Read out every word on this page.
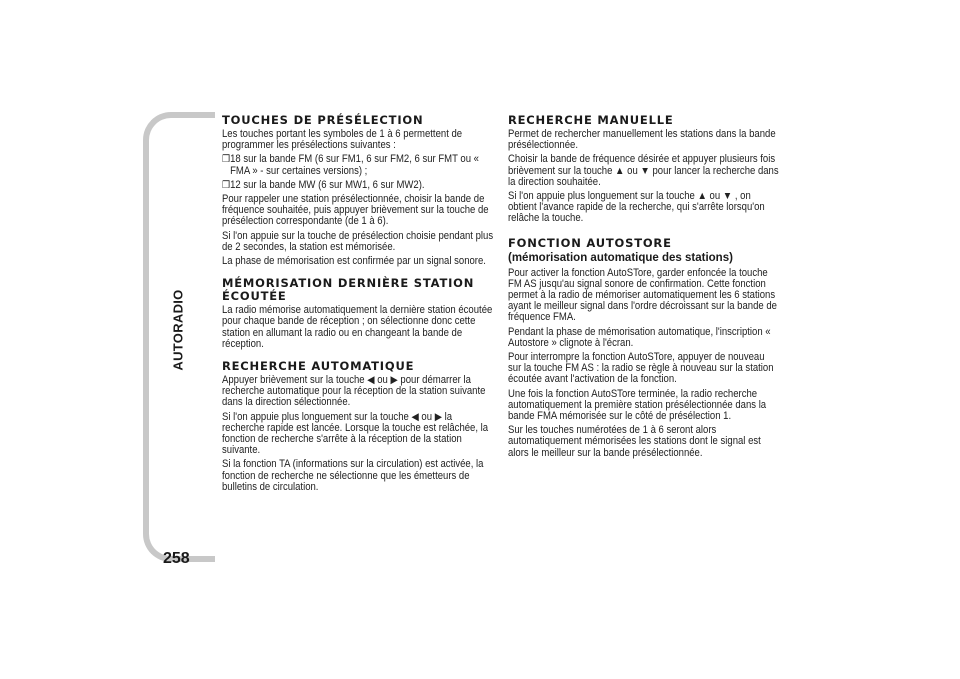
AUTORADIO
258
TOUCHES DE PRÉSÉLECTION

Les touches portant les symboles de 1 à 6 permettent de programmer les présélections suivantes :

❒ 18 sur la bande FM (6 sur FM1, 6 sur FM2, 6 sur FMT ou « FMA » - sur certaines versions) ;

❒ 12 sur la bande MW (6 sur MW1, 6 sur MW2).

Pour rappeler une station présélectionnée, choisir la bande de fréquence souhaitée, puis appuyer brièvement sur la touche de présélection correspondante (de 1 à 6).

Si l'on appuie sur la touche de présélection choisie pendant plus de 2 secondes, la station est mémorisée.

La phase de mémorisation est confirmée par un signal sonore.

MÉMORISATION DERNIÈRE STATION ÉCOUTÉE

La radio mémorise automatiquement la dernière station écoutée pour chaque bande de réception ; on sélectionne donc cette station en allumant la radio ou en changeant la bande de réception.

RECHERCHE AUTOMATIQUE

Appuyer brièvement sur la touche ◀ ou ▶ pour démarrer la recherche automatique pour la réception de la station suivante dans la direction sélectionnée.

Si l'on appuie plus longuement sur la touche ◀ ou ▶ la recherche rapide est lancée. Lorsque la touche est relâchée, la fonction de recherche s'arrête à la réception de la station suivante.

Si la fonction TA (informations sur la circulation) est activée, la fonction de recherche ne sélectionne que les émetteurs de bulletins de circulation.

RECHERCHE MANUELLE

Permet de rechercher manuellement les stations dans la bande présélectionnée.

Choisir la bande de fréquence désirée et appuyer plusieurs fois brièvement sur la touche ▲ ou ▼ pour lancer la recherche dans la direction souhaitée.

Si l'on appuie plus longuement sur la touche ▲ ou ▼ , on obtient l'avance rapide de la recherche, qui s'arrête lorsqu'on relâche la touche.

FONCTION AUTOSTORE
(mémorisation automatique des stations)

Pour activer la fonction AutoSTore, garder enfoncée la touche FM AS jusqu'au signal sonore de confirmation. Cette fonction permet à la radio de mémoriser automatiquement les 6 stations ayant le meilleur signal dans l'ordre décroissant sur la bande de fréquence FMA.

Pendant la phase de mémorisation automatique, l'inscription « Autostore » clignote à l'écran.

Pour interrompre la fonction AutoSTore, appuyer de nouveau sur la touche FM AS : la radio se règle à nouveau sur la station écoutée avant l'activation de la fonction.

Une fois la fonction AutoSTore terminée, la radio recherche automatiquement la première station présélectionnée dans la bande FMA mémorisée sur le côté de présélection 1.

Sur les touches numérotées de 1 à 6 seront alors automatiquement mémorisées les stations dont le signal est alors le meilleur sur la bande présélectionnée.
